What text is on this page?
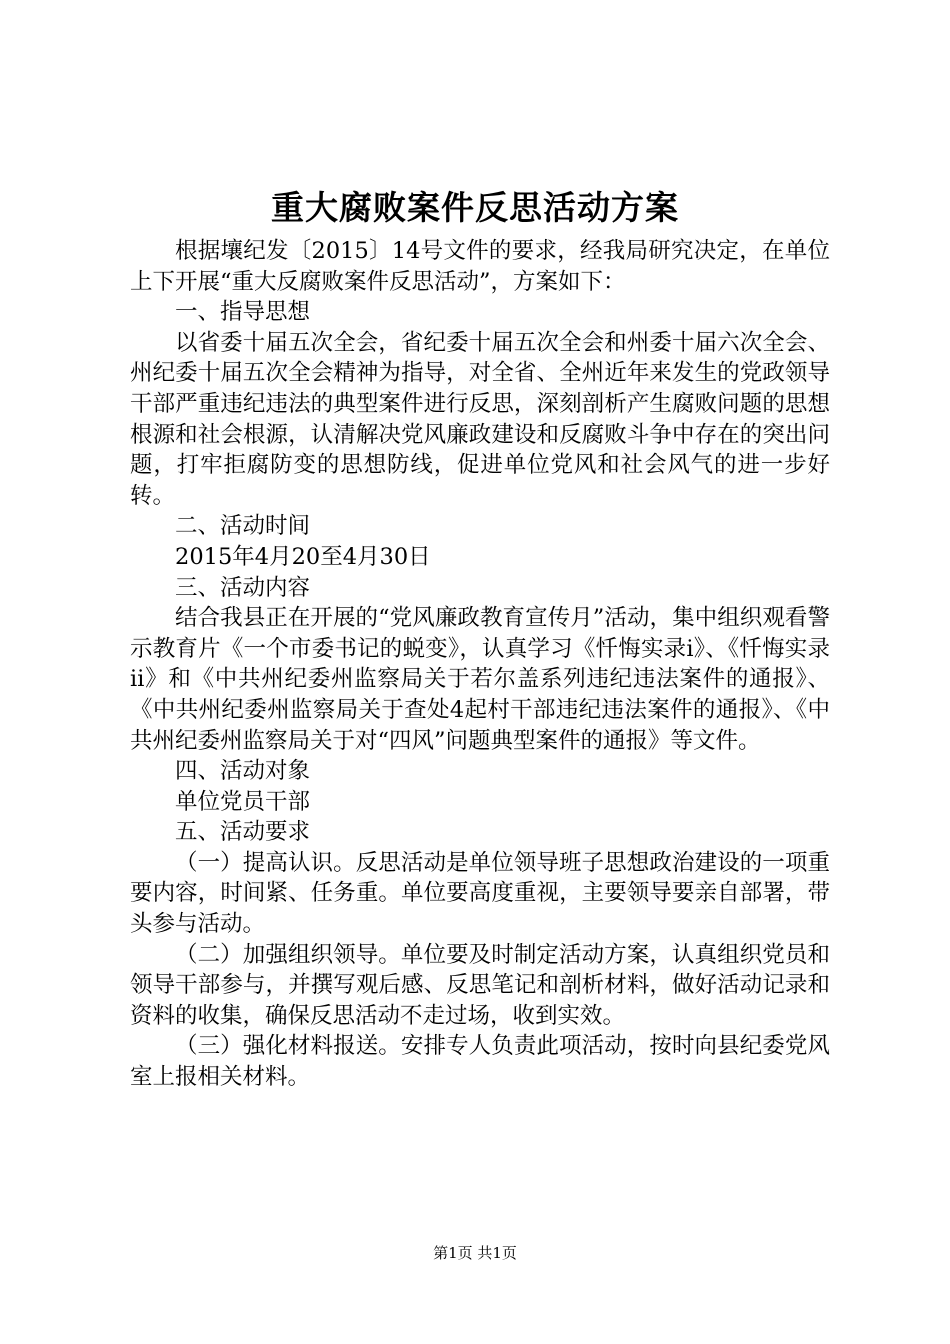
重大腐败案件反思活动方案

根据壤纪发〔2015〕14号文件的要求，经我局研究决定，在单位上下开展“重大反腐败案件反思活动”，方案如下：

一、指导思想

以省委十届五次全会，省纪委十届五次全会和州委十届六次全会、州纪委十届五次全会精神为指导，对全省、全州近年来发生的党政领导干部严重违纪违法的典型案件进行反思，深刻剖析产生腐败问题的思想根源和社会根源，认清解决党风廉政建设和反腐败斗争中存在的突出问题，打牢拒腐防变的思想防线，促进单位党风和社会风气的进一步好转。

二、活动时间

2015年4月20至4月30日

三、活动内容

结合我县正在开展的“党风廉政教育宣传月”活动，集中组织观看警示教育片《一个市委书记的蜕变》，认真学习《忏悔实录ⅰ》、《忏悔实录ⅱ》和《中共州纪委州监察局关于若尔盖系列违纪违法案件的通报》、《中共州纪委州监察局关于查处4起村干部违纪违法案件的通报》、《中共州纪委州监察局关于对“四风”问题典型案件的通报》等文件。

四、活动对象

单位党员干部

五、活动要求

（一）提高认识。反思活动是单位领导班子思想政治建设的一项重要内容，时间紧、任务重。单位要高度重视，主要领导要亲自部署，带头参与活动。

（二）加强组织领导。单位要及时制定活动方案，认真组织党员和领导干部参与，并撰写观后感、反思笔记和剖析材料，做好活动记录和资料的收集，确保反思活动不走过场，收到实效。

（三）强化材料报送。安排专人负责此项活动，按时向县纪委党风室上报相关材料。

第1页 共1页
